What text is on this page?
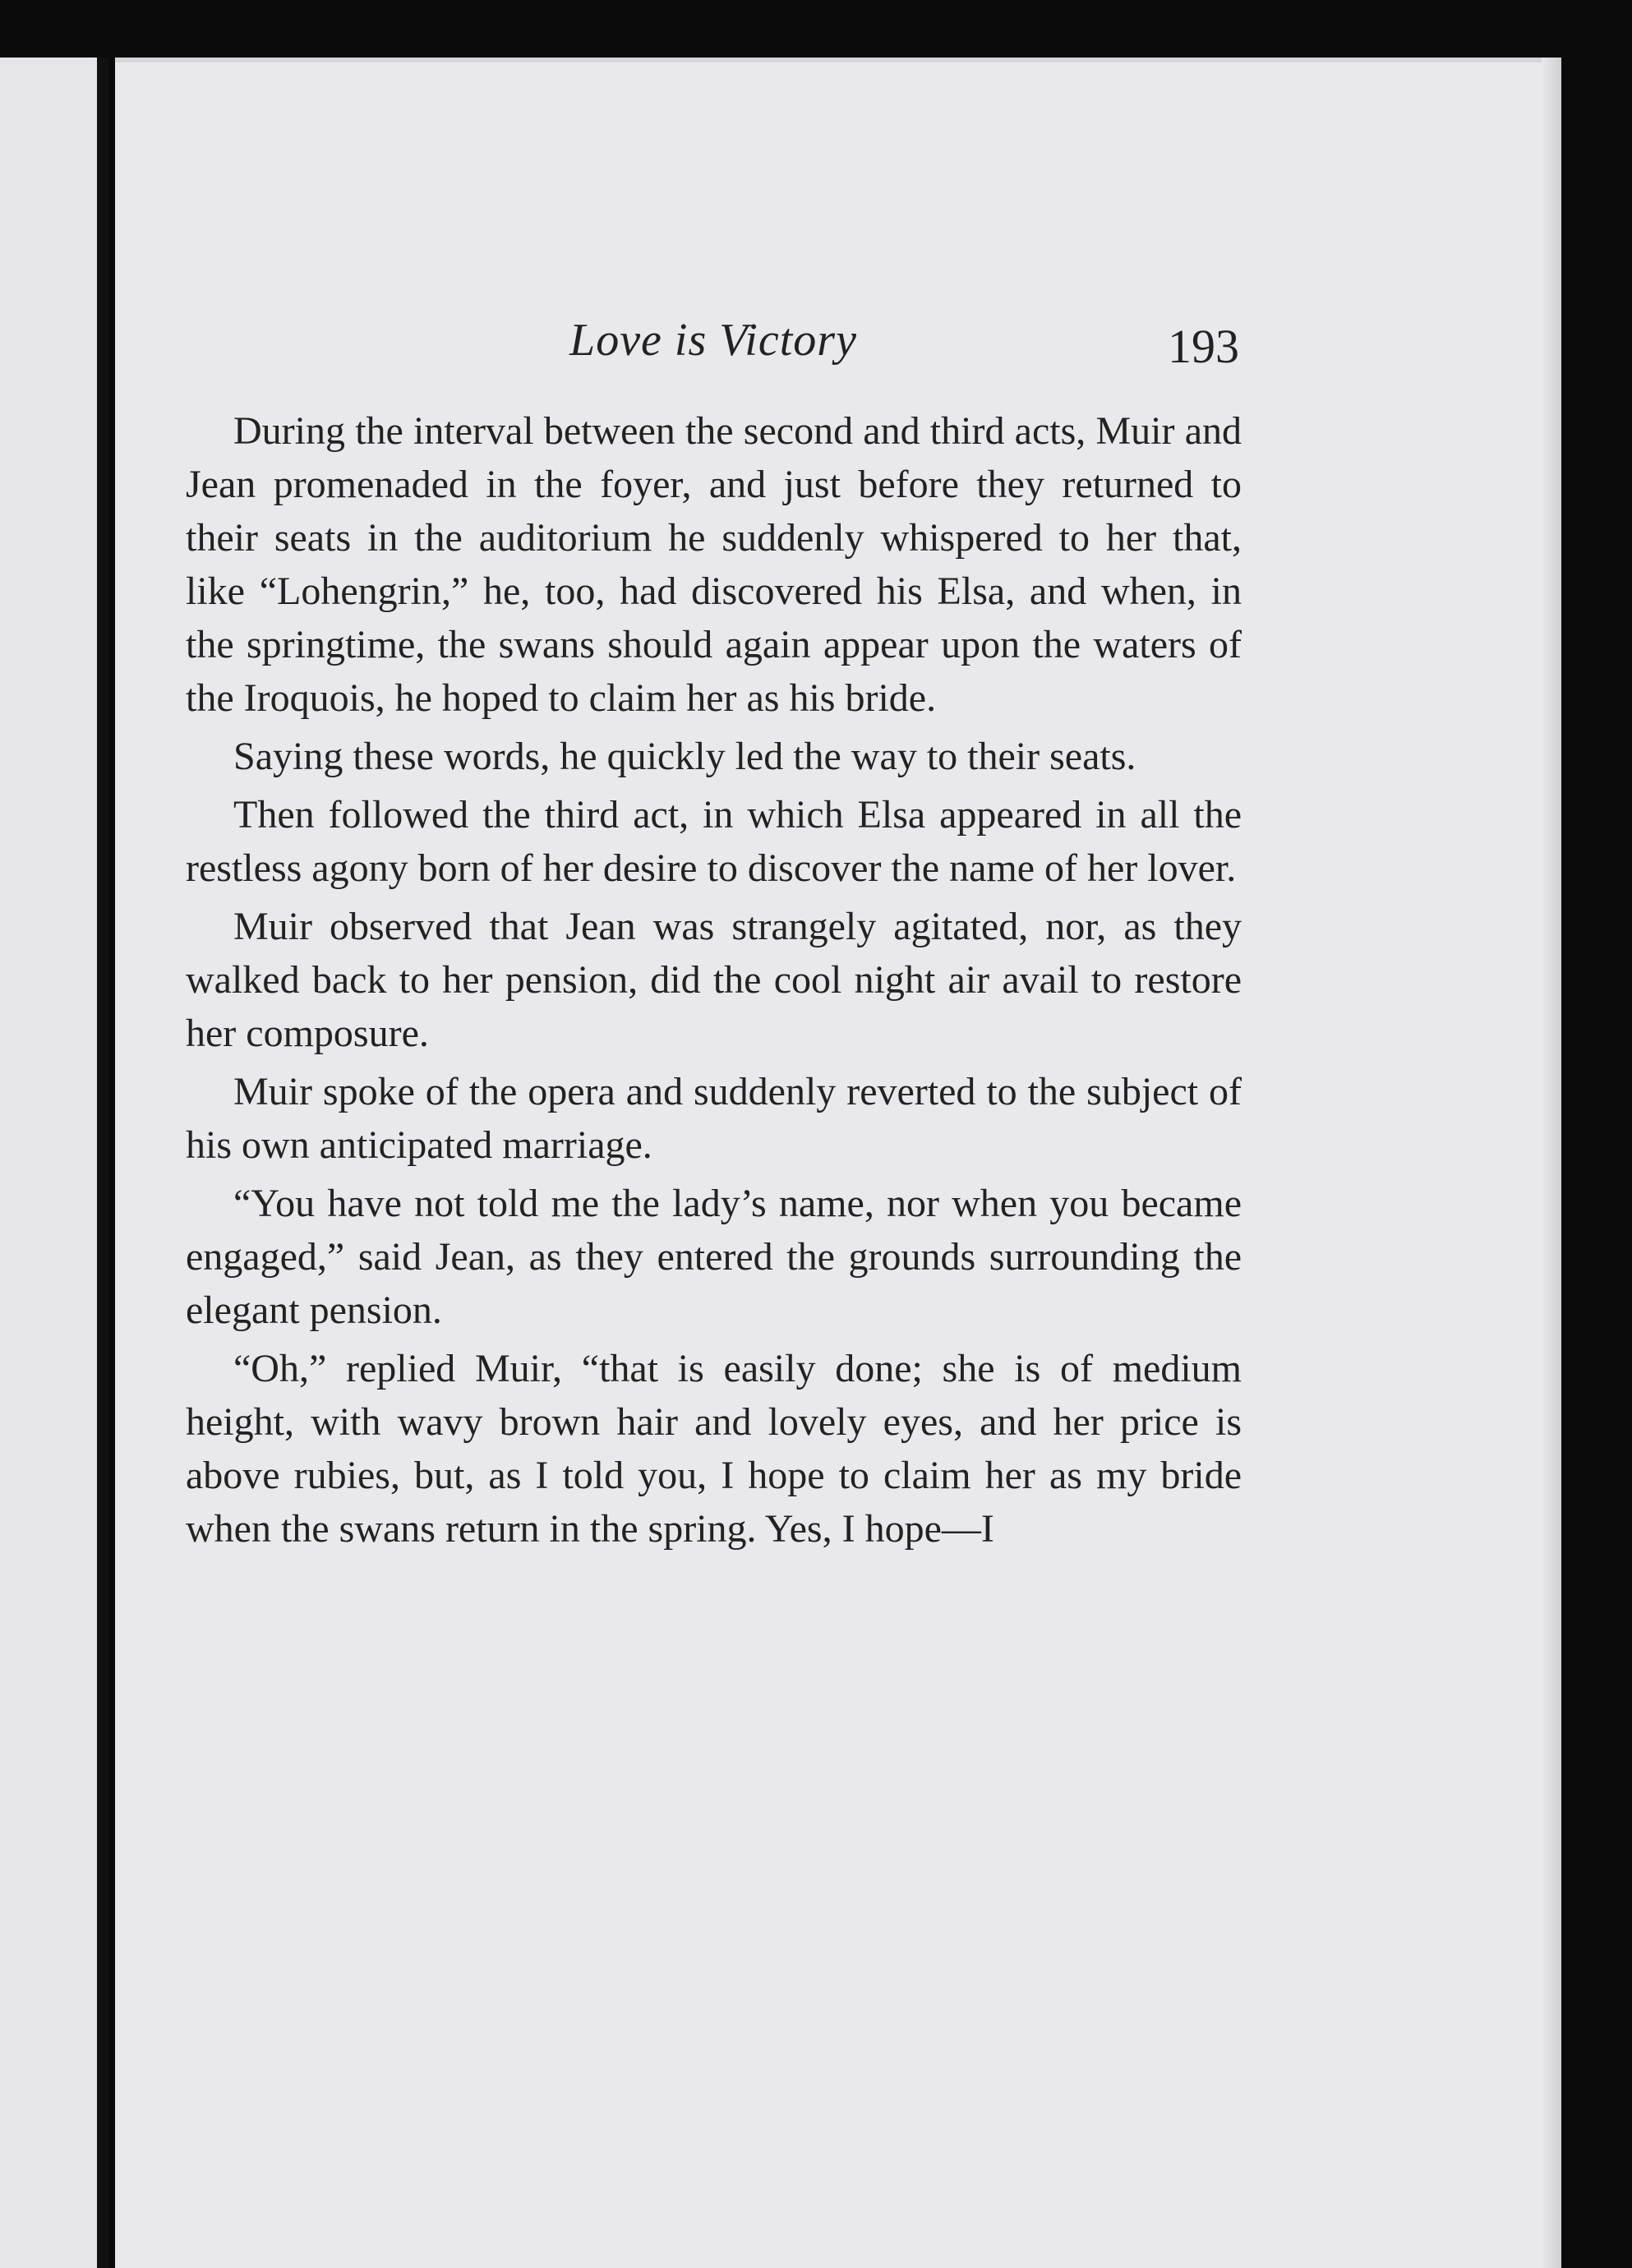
Love is Victory	193

During the interval between the second and third acts, Muir and Jean promenaded in the foyer, and just before they returned to their seats in the auditorium he suddenly whispered to her that, like “Lohengrin,” he, too, had discovered his Elsa, and when, in the springtime, the swans should again appear upon the waters of the Iroquois, he hoped to claim her as his bride.

Saying these words, he quickly led the way to their seats.

Then followed the third act, in which Elsa appeared in all the restless agony born of her desire to discover the name of her lover.

Muir observed that Jean was strangely agitated, nor, as they walked back to her pension, did the cool night air avail to restore her composure.

Muir spoke of the opera and suddenly reverted to the subject of his own anticipated marriage.

“You have not told me the lady’s name, nor when you became engaged,” said Jean, as they entered the grounds surrounding the elegant pension.

“Oh,” replied Muir, “that is easily done; she is of medium height, with wavy brown hair and lovely eyes, and her price is above rubies, but, as I told you, I hope to claim her as my bride when the swans return in the spring. Yes, I hope—I
